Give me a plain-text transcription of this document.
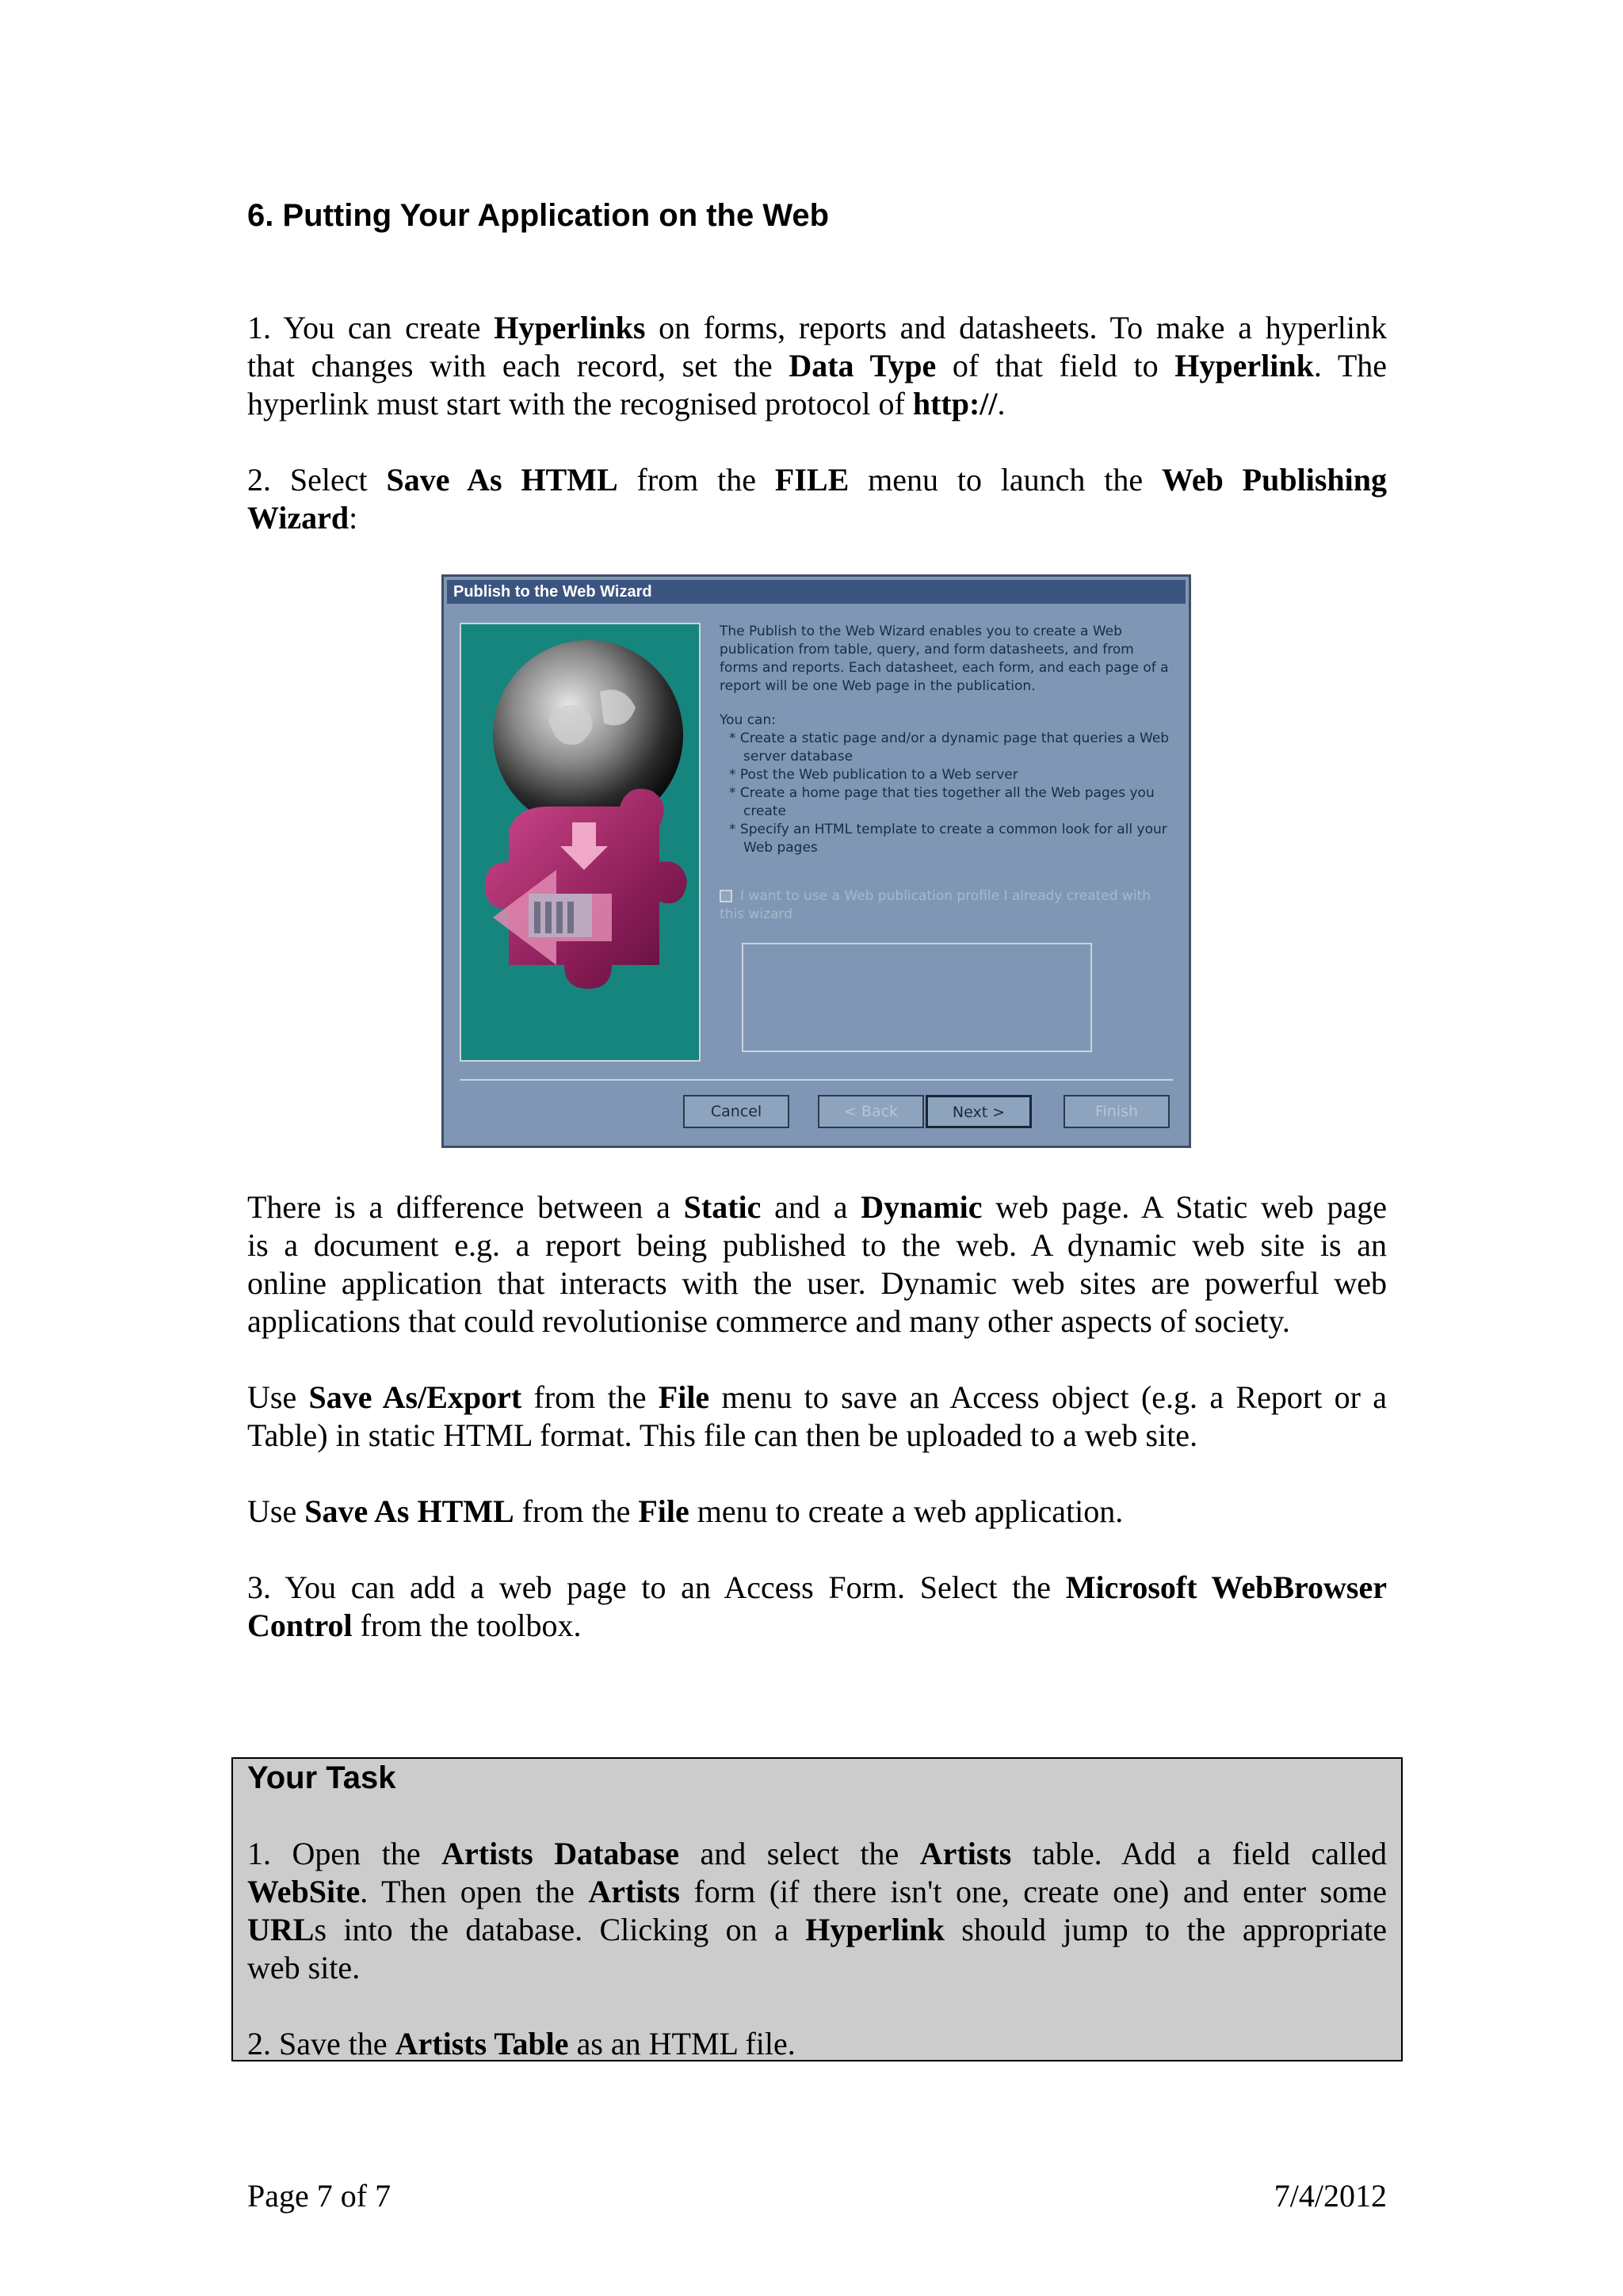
6. Putting Your Application on the Web
1. You can create Hyperlinks on forms, reports and datasheets. To make a hyperlink
that changes with each record, set the Data Type of that field to Hyperlink. The
hyperlink must start with the recognised protocol of http://.
2. Select Save As HTML from the FILE menu to launch the Web Publishing
Wizard:
Publish to the Web Wizard

The Publish to the Web Wizard enables you to create a Web publication from table, query, and form datasheets, and from forms and reports. Each datasheet, each form, and each page of a report will be one Web page in the publication.

You can:
* Create a static page and/or a dynamic page that queries a Web server database
* Post the Web publication to a Web server
* Create a home page that ties together all the Web pages you create
* Specify an HTML template to create a common look for all your Web pages
I want to use a Web publication profile I already created with this wizard
Cancel	< Back	Next >	Finish
There is a difference between a Static and a Dynamic web page. A Static web page
is a document e.g. a report being published to the web. A dynamic web site is an
online application that interacts with the user. Dynamic web sites are powerful web
applications that could revolutionise commerce and many other aspects of society.
Use Save As/Export from the File menu to save an Access object (e.g. a Report or a
Table) in static HTML format. This file can then be uploaded to a web site.
Use Save As HTML from the File menu to create a web application.
3. You can add a web page to an Access Form. Select the Microsoft WebBrowser
Control from the toolbox.
Your Task
1. Open the Artists Database and select the Artists table. Add a field called
WebSite. Then open the Artists form (if there isn't one, create one) and enter some
URLs into the database. Clicking on a Hyperlink should jump to the appropriate
web site.
2. Save the Artists Table as an HTML file.
Page 7 of 7	7/4/2012
